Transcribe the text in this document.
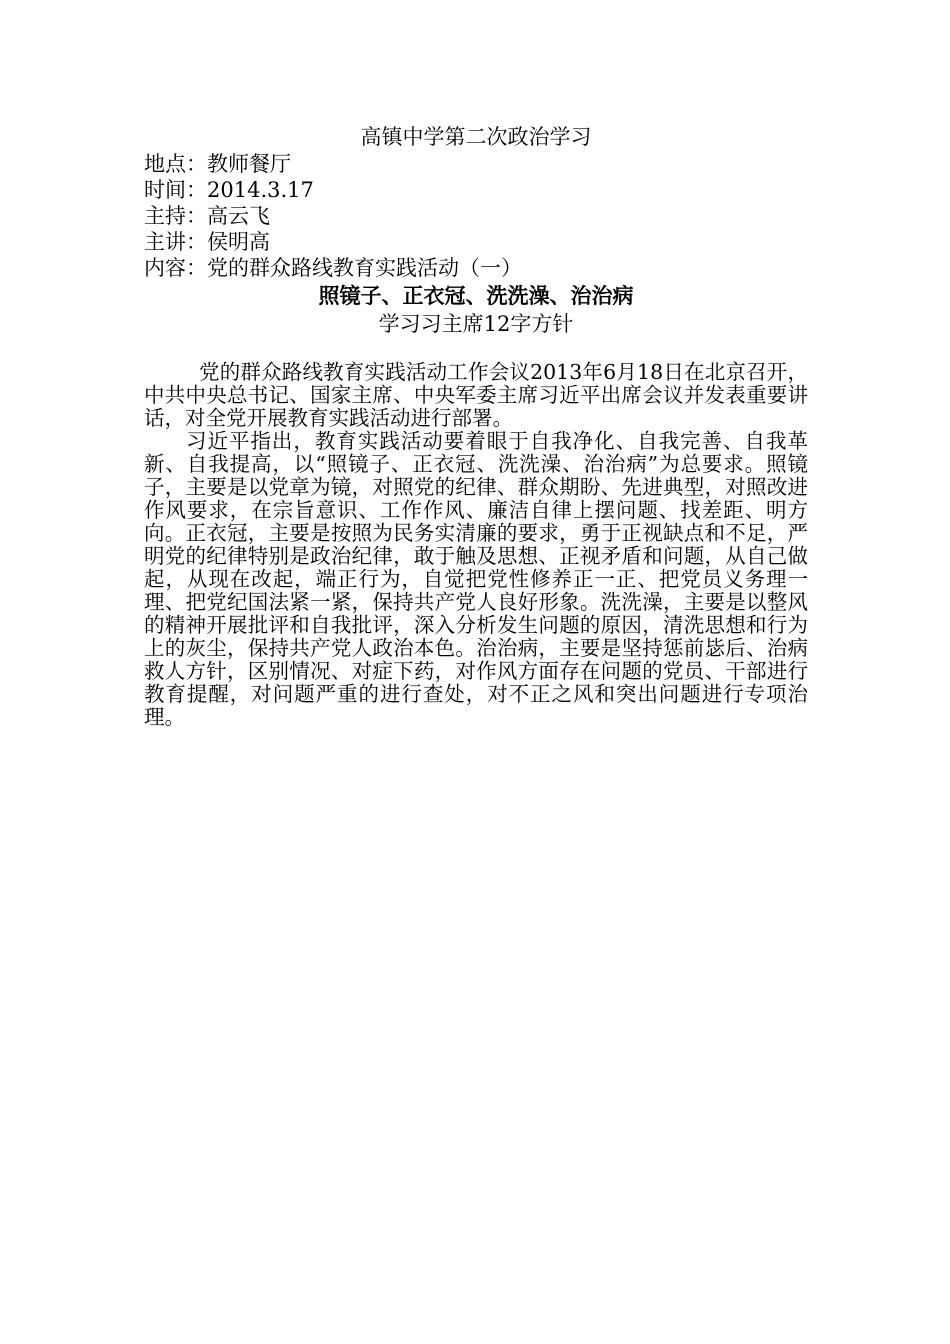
高镇中学第二次政治学习
地点：教师餐厅
时间：2014.3.17
主持：高云飞
主讲：侯明高
内容：党的群众路线教育实践活动（一）
照镜子、正衣冠、洗洗澡、治治病
学习习主席12字方针

党的群众路线教育实践活动工作会议2013年6月18日在北京召开，中共中央总书记、国家主席、中央军委主席习近平出席会议并发表重要讲话，对全党开展教育实践活动进行部署。

习近平指出，教育实践活动要着眼于自我净化、自我完善、自我革新、自我提高，以“照镜子、正衣冠、洗洗澡、治治病”为总要求。照镜子，主要是以党章为镜，对照党的纪律、群众期盼、先进典型，对照改进作风要求，在宗旨意识、工作作风、廉洁自律上摆问题、找差距、明方向。正衣冠，主要是按照为民务实清廉的要求，勇于正视缺点和不足，严明党的纪律特别是政治纪律，敢于触及思想、正视矛盾和问题，从自己做起，从现在改起，端正行为，自觉把党性修养正一正、把党员义务理一理、把党纪国法紧一紧，保持共产党人良好形象。洗洗澡，主要是以整风的精神开展批评和自我批评，深入分析发生问题的原因，清洗思想和行为上的灰尘，保持共产党人政治本色。治治病，主要是坚持惩前毖后、治病救人方针，区别情况、对症下药，对作风方面存在问题的党员、干部进行教育提醒，对问题严重的进行查处，对不正之风和突出问题进行专项治理。
